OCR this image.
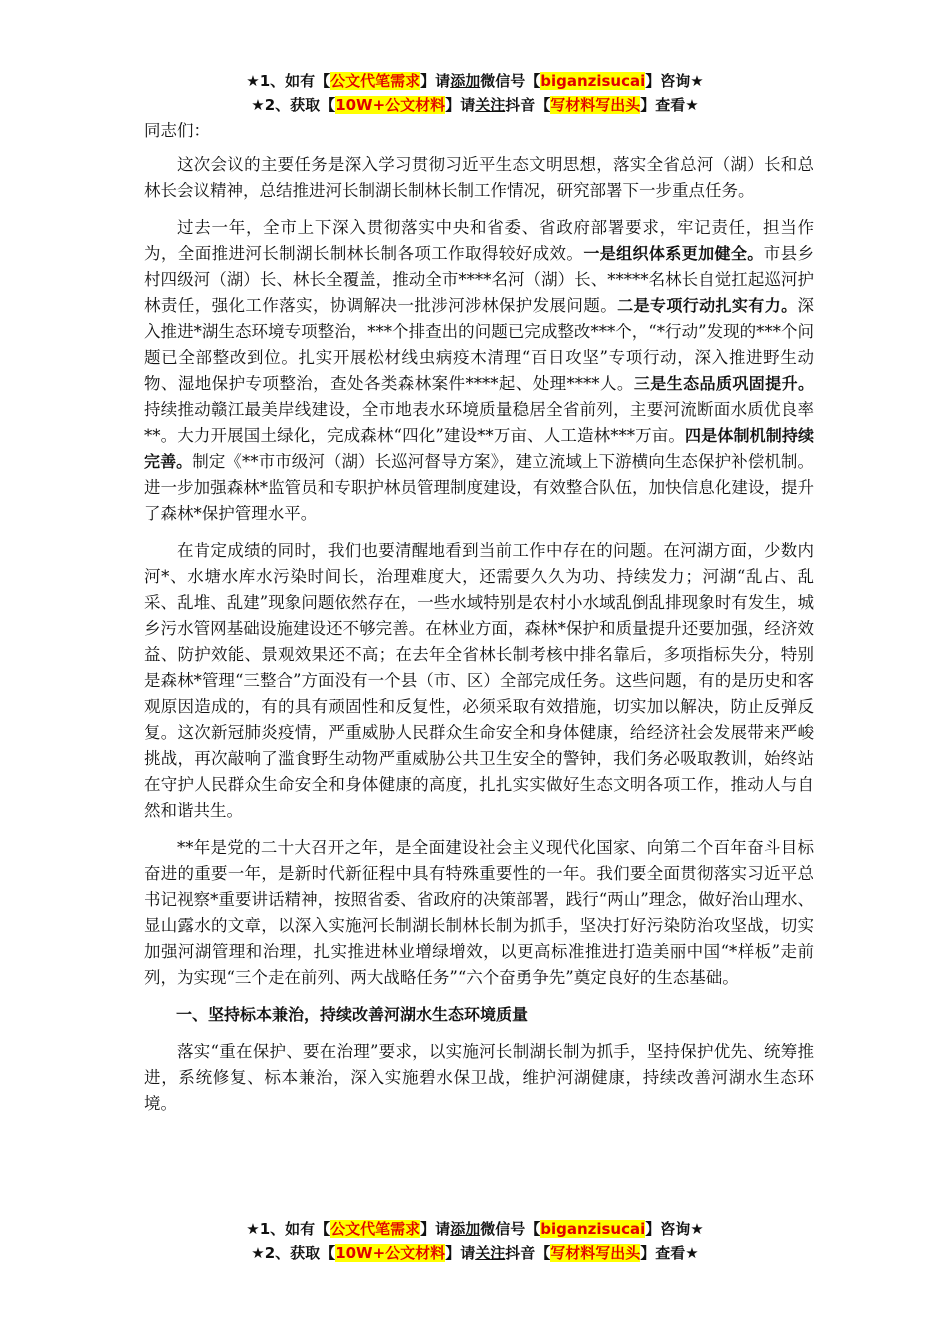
★1、如有【公文代笔需求】请添加微信号【biganzisucai】咨询★
★2、获取【10W+公文材料】请关注抖音【写材料写出头】查看★

同志们：

这次会议的主要任务是深入学习贯彻习近平生态文明思想，落实全省总河（湖）长和总林长会议精神，总结推进河长制湖长制林长制工作情况，研究部署下一步重点任务。

过去一年，全市上下深入贯彻落实中央和省委、省政府部署要求，牢记责任，担当作为，全面推进河长制湖长制林长制各项工作取得较好成效。一是组织体系更加健全。市县乡村四级河（湖）长、林长全覆盖，推动全市****名河（湖）长、*****名林长自觉扛起巡河护林责任，强化工作落实，协调解决一批涉河涉林保护发展问题。二是专项行动扎实有力。深入推进*湖生态环境专项整治，***个排查出的问题已完成整改***个，“*行动”发现的***个问题已全部整改到位。扎实开展松材线虫病疫木清理“百日攻坚”专项行动，深入推进野生动物、湿地保护专项整治，查处各类森林案件****起、处理****人。三是生态品质巩固提升。持续推动赣江最美岸线建设，全市地表水环境质量稳居全省前列，主要河流断面水质优良率**。大力开展国土绿化，完成森林“四化”建设**万亩、人工造林***万亩。四是体制机制持续完善。制定《**市市级河（湖）长巡河督导方案》，建立流域上下游横向生态保护补偿机制。进一步加强森林*监管员和专职护林员管理制度建设，有效整合队伍，加快信息化建设，提升了森林*保护管理水平。

在肯定成绩的同时，我们也要清醒地看到当前工作中存在的问题。在河湖方面，少数内河*、水塘水库水污染时间长，治理难度大，还需要久久为功、持续发力；河湖“乱占、乱采、乱堆、乱建”现象问题依然存在，一些水域特别是农村小水域乱倒乱排现象时有发生，城乡污水管网基础设施建设还不够完善。在林业方面，森林*保护和质量提升还要加强，经济效益、防护效能、景观效果还不高；在去年全省林长制考核中排名靠后，多项指标失分，特别是森林*管理“三整合”方面没有一个县（市、区）全部完成任务。这些问题，有的是历史和客观原因造成的，有的具有顽固性和反复性，必须采取有效措施，切实加以解决，防止反弹反复。这次新冠肺炎疫情，严重威胁人民群众生命安全和身体健康，给经济社会发展带来严峻挑战，再次敲响了滥食野生动物严重威胁公共卫生安全的警钟，我们务必吸取教训，始终站在守护人民群众生命安全和身体健康的高度，扎扎实实做好生态文明各项工作，推动人与自然和谐共生。

**年是党的二十大召开之年，是全面建设社会主义现代化国家、向第二个百年奋斗目标奋进的重要一年，是新时代新征程中具有特殊重要性的一年。我们要全面贯彻落实习近平总书记视察*重要讲话精神，按照省委、省政府的决策部署，践行“两山”理念，做好治山理水、显山露水的文章，以深入实施河长制湖长制林长制为抓手，坚决打好污染防治攻坚战，切实加强河湖管理和治理，扎实推进林业增绿增效，以更高标准推进打造美丽中国“*样板”走前列，为实现“三个走在前列、两大战略任务”“六个奋勇争先”奠定良好的生态基础。

一、坚持标本兼治，持续改善河湖水生态环境质量

落实“重在保护、要在治理”要求，以实施河长制湖长制为抓手，坚持保护优先、统筹推进，系统修复、标本兼治，深入实施碧水保卫战，维护河湖健康，持续改善河湖水生态环境。

★1、如有【公文代笔需求】请添加微信号【biganzisucai】咨询★
★2、获取【10W+公文材料】请关注抖音【写材料写出头】查看★
